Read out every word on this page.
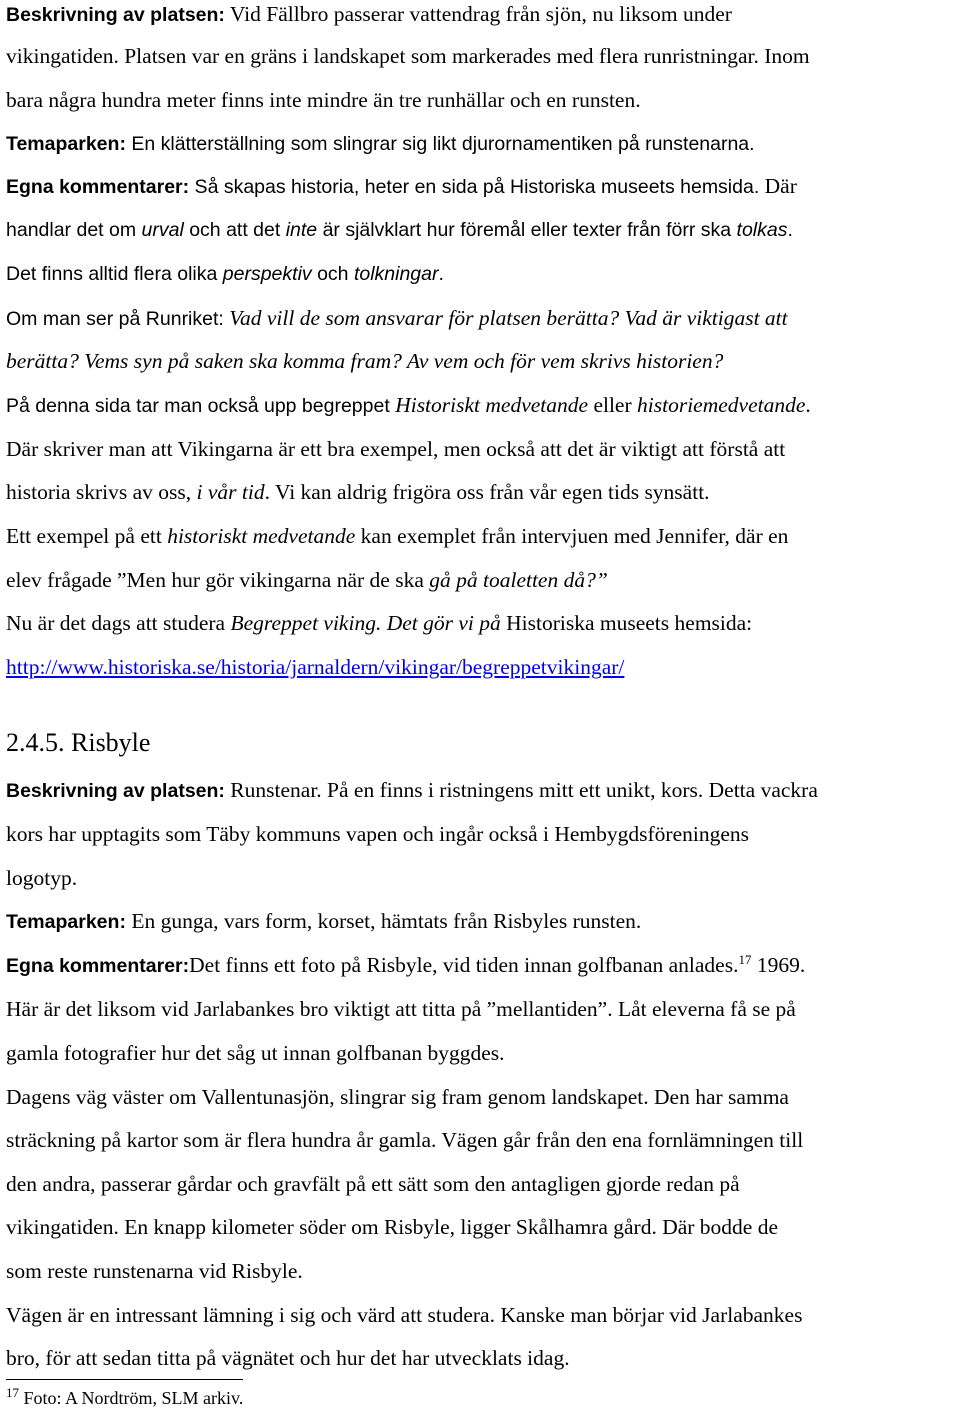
Beskrivning av platsen: Vid Fällbro passerar vattendrag från sjön, nu liksom under
vikingatiden. Platsen var en gräns i landskapet som markerades med flera runristningar. Inom
bara några hundra meter finns inte mindre än tre runhällar och en runsten.
Temaparken: En klätterställning som slingrar sig likt djurornamentiken på runstenarna.
Egna kommentarer: Så skapas historia, heter en sida på Historiska museets hemsida. Där
handlar det om urval och att det inte är självklart hur föremål eller texter från förr ska tolkas.
Det finns alltid flera olika perspektiv och tolkningar.
Om man ser på Runriket: Vad vill de som ansvarar för platsen berätta? Vad är viktigast att
berätta? Vems syn på saken ska komma fram? Av vem och för vem skrivs historien?
På denna sida tar man också upp begreppet Historiskt medvetande eller historiemedvetande.
Där skriver man att Vikingarna är ett bra exempel, men också att det är viktigt att förstå att
historia skrivs av oss, i vår tid. Vi kan aldrig frigöra oss från vår egen tids synsätt.
Ett exempel på ett historiskt medvetande kan exemplet från intervjuen med Jennifer, där en
elev frågade ”Men hur gör vikingarna när de ska gå på toaletten då?”
Nu är det dags att studera Begreppet viking. Det gör vi på Historiska museets hemsida:
http://www.historiska.se/historia/jarnaldern/vikingar/begreppetvikingar/
2.4.5. Risbyle
Beskrivning av platsen: Runstenar. På en finns i ristningens mitt ett unikt, kors. Detta vackra
kors har upptagits som Täby kommuns vapen och ingår också i Hembygdsföreningens
logotyp.
Temaparken: En gunga, vars form, korset, hämtats från Risbyles runsten.
Egna kommentarer:Det finns ett foto på Risbyle, vid tiden innan golfbanan anlades.$^{17}$ 1969.
Här är det liksom vid Jarlabankes bro viktigt att titta på ”mellantiden”. Låt eleverna få se på
gamla fotografier hur det såg ut innan golfbanan byggdes.
Dagens väg väster om Vallentunasjön, slingrar sig fram genom landskapet. Den har samma
sträckning på kartor som är flera hundra år gamla. Vägen går från den ena fornlämningen till
den andra, passerar gårdar och gravfält på ett sätt som den antagligen gjorde redan på
vikingatiden. En knapp kilometer söder om Risbyle, ligger Skålhamra gård. Där bodde de
som reste runstenarna vid Risbyle.
Vägen är en intressant lämning i sig och värd att studera. Kanske man börjar vid Jarlabankes
bro, för att sedan titta på vägnätet och hur det har utvecklats idag.
$^{17}$ Foto: A Nordtröm, SLM arkiv.
